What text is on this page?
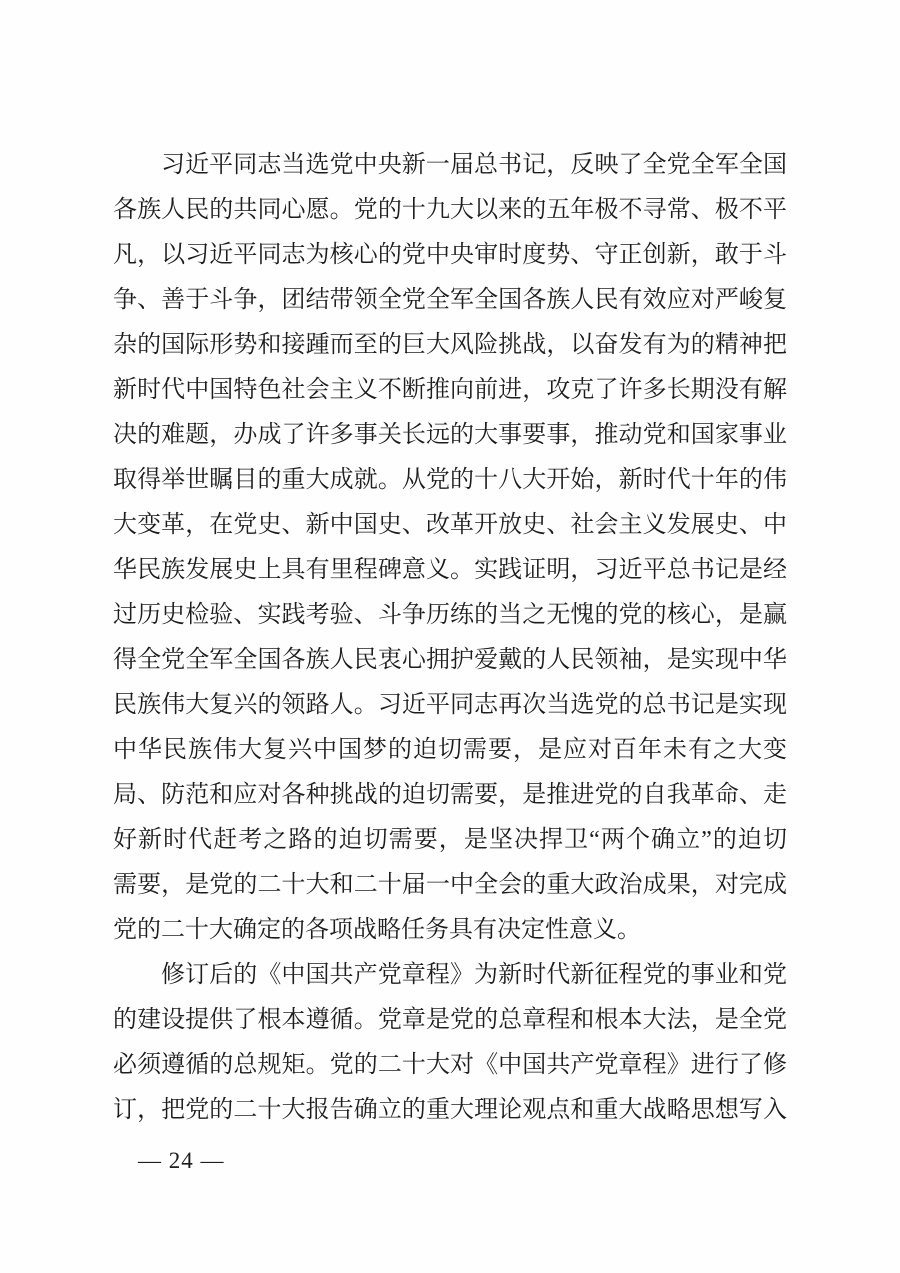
习近平同志当选党中央新一届总书记，反映了全党全军全国
各族人民的共同心愿。党的十九大以来的五年极不寻常、极不平
凡，以习近平同志为核心的党中央审时度势、守正创新，敢于斗
争、善于斗争，团结带领全党全军全国各族人民有效应对严峻复
杂的国际形势和接踵而至的巨大风险挑战，以奋发有为的精神把
新时代中国特色社会主义不断推向前进，攻克了许多长期没有解
决的难题，办成了许多事关长远的大事要事，推动党和国家事业
取得举世瞩目的重大成就。从党的十八大开始，新时代十年的伟
大变革，在党史、新中国史、改革开放史、社会主义发展史、中
华民族发展史上具有里程碑意义。实践证明，习近平总书记是经
过历史检验、实践考验、斗争历练的当之无愧的党的核心，是赢
得全党全军全国各族人民衷心拥护爱戴的人民领袖，是实现中华
民族伟大复兴的领路人。习近平同志再次当选党的总书记是实现
中华民族伟大复兴中国梦的迫切需要，是应对百年未有之大变
局、防范和应对各种挑战的迫切需要，是推进党的自我革命、走
好新时代赶考之路的迫切需要，是坚决捍卫“两个确立”的迫切
需要，是党的二十大和二十届一中全会的重大政治成果，对完成
党的二十大确定的各项战略任务具有决定性意义。
修订后的《中国共产党章程》为新时代新征程党的事业和党
的建设提供了根本遵循。党章是党的总章程和根本大法，是全党
必须遵循的总规矩。党的二十大对《中国共产党章程》进行了修
订，把党的二十大报告确立的重大理论观点和重大战略思想写入
— 24 —
